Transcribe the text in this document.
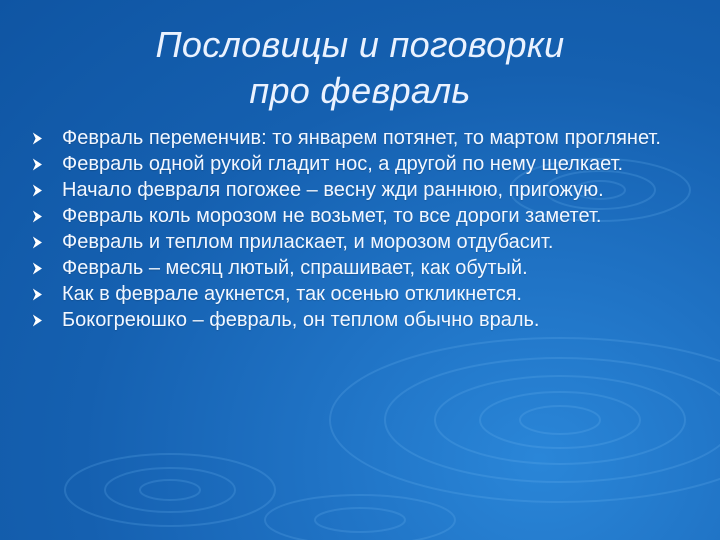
Пословицы и поговорки
про февраль
Февраль переменчив: то январем потянет, то мартом проглянет.
Февраль одной рукой гладит нос, а другой по нему щелкает.
Начало февраля погожее – весну жди раннюю, пригожую.
Февраль коль морозом не возьмет, то все дороги заметет.
Февраль и теплом приласкает, и морозом отдубасит.
Февраль – месяц лютый, спрашивает, как обутый.
Как в феврале аукнется, так осенью откликнется.
Бокогреюшко – февраль, он теплом обычно враль.
